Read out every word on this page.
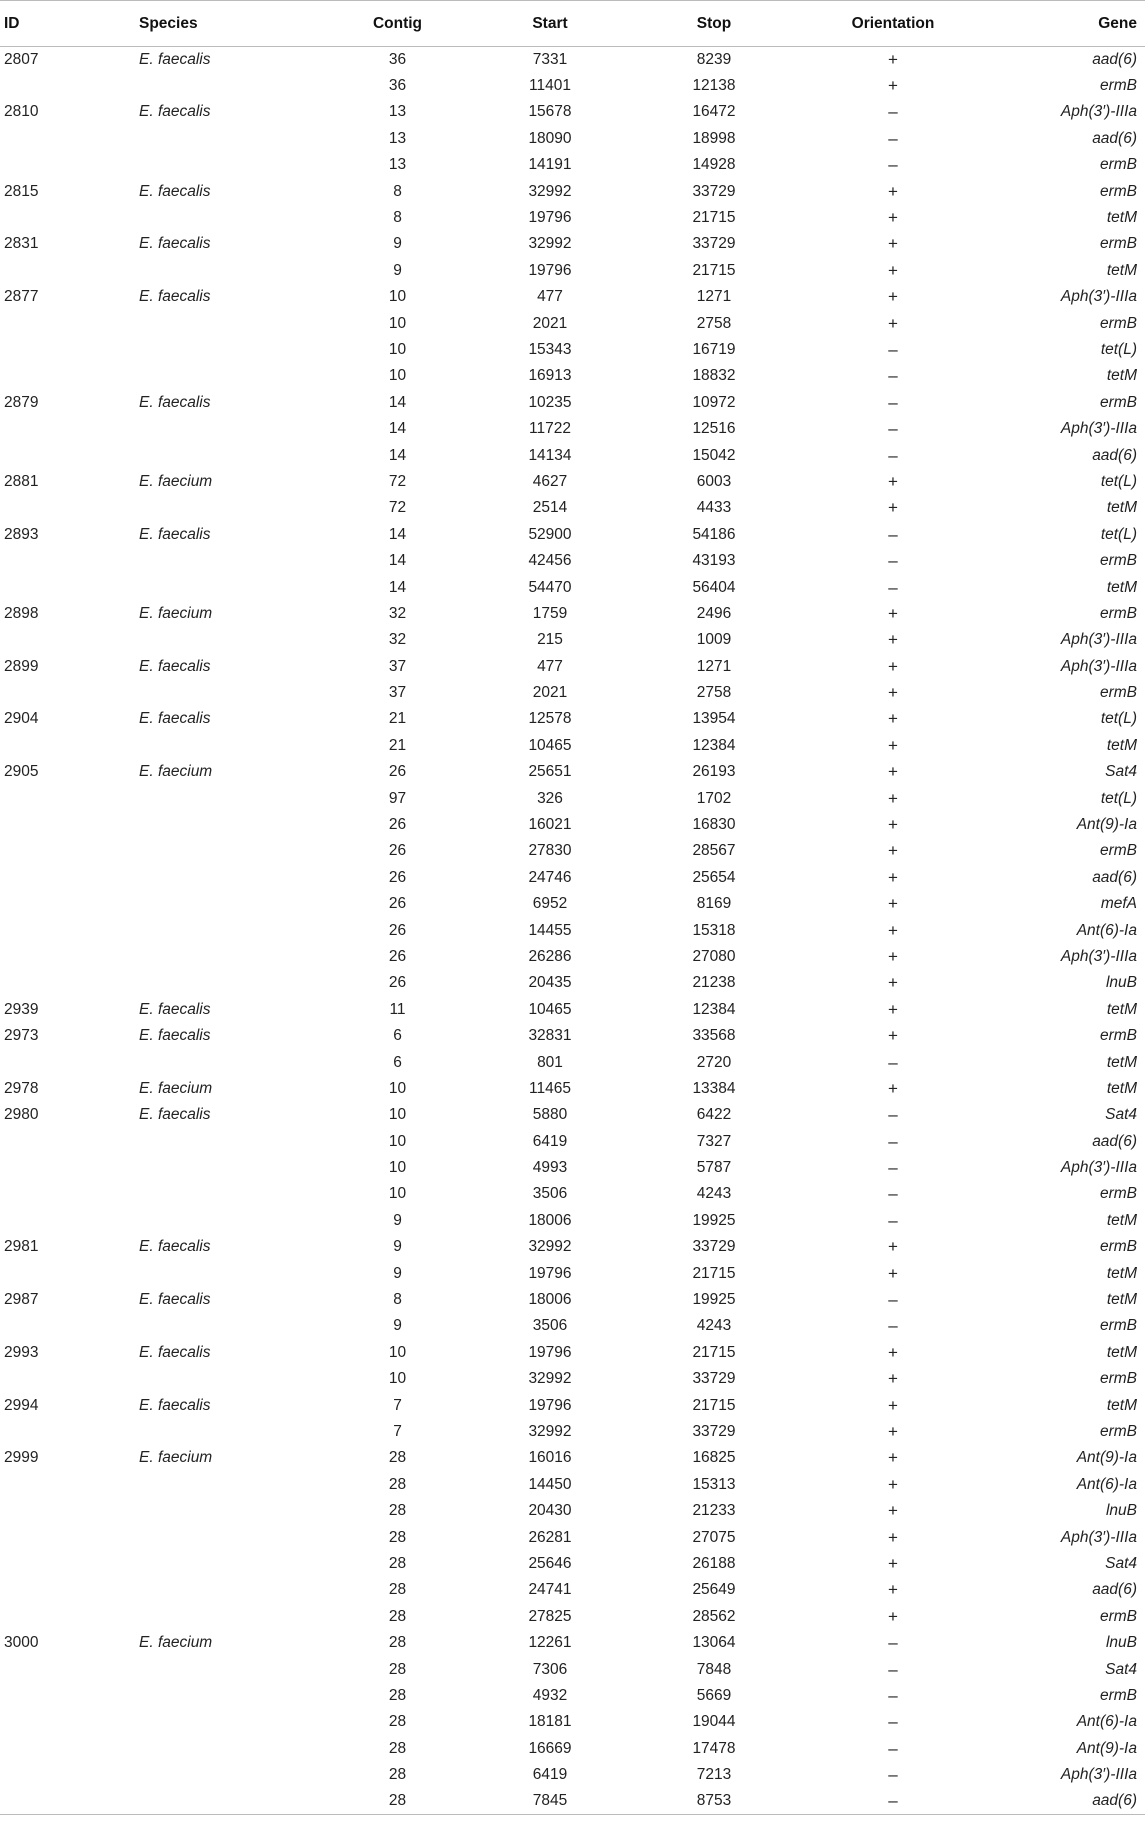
ID	Species	Contig	Start	Stop	Orientation	Gene
2807	E. faecalis	36	7331	8239	+	aad(6)
		36	11401	12138	+	ermB
2810	E. faecalis	13	15678	16472	–	Aph(3′)-IIIa
		13	18090	18998	–	aad(6)
		13	14191	14928	–	ermB
2815	E. faecalis	8	32992	33729	+	ermB
		8	19796	21715	+	tetM
2831	E. faecalis	9	32992	33729	+	ermB
		9	19796	21715	+	tetM
2877	E. faecalis	10	477	1271	+	Aph(3′)-IIIa
		10	2021	2758	+	ermB
		10	15343	16719	–	tet(L)
		10	16913	18832	–	tetM
2879	E. faecalis	14	10235	10972	–	ermB
		14	11722	12516	–	Aph(3′)-IIIa
		14	14134	15042	–	aad(6)
2881	E. faecium	72	4627	6003	+	tet(L)
		72	2514	4433	+	tetM
2893	E. faecalis	14	52900	54186	–	tet(L)
		14	42456	43193	–	ermB
		14	54470	56404	–	tetM
2898	E. faecium	32	1759	2496	+	ermB
		32	215	1009	+	Aph(3′)-IIIa
2899	E. faecalis	37	477	1271	+	Aph(3′)-IIIa
		37	2021	2758	+	ermB
2904	E. faecalis	21	12578	13954	+	tet(L)
		21	10465	12384	+	tetM
2905	E. faecium	26	25651	26193	+	Sat4
		97	326	1702	+	tet(L)
		26	16021	16830	+	Ant(9)-Ia
		26	27830	28567	+	ermB
		26	24746	25654	+	aad(6)
		26	6952	8169	+	mefA
		26	14455	15318	+	Ant(6)-Ia
		26	26286	27080	+	Aph(3′)-IIIa
		26	20435	21238	+	lnuB
2939	E. faecalis	11	10465	12384	+	tetM
2973	E. faecalis	6	32831	33568	+	ermB
		6	801	2720	–	tetM
2978	E. faecium	10	11465	13384	+	tetM
2980	E. faecalis	10	5880	6422	–	Sat4
		10	6419	7327	–	aad(6)
		10	4993	5787	–	Aph(3′)-IIIa
		10	3506	4243	–	ermB
		9	18006	19925	–	tetM
2981	E. faecalis	9	32992	33729	+	ermB
		9	19796	21715	+	tetM
2987	E. faecalis	8	18006	19925	–	tetM
		9	3506	4243	–	ermB
2993	E. faecalis	10	19796	21715	+	tetM
		10	32992	33729	+	ermB
2994	E. faecalis	7	19796	21715	+	tetM
		7	32992	33729	+	ermB
2999	E. faecium	28	16016	16825	+	Ant(9)-Ia
		28	14450	15313	+	Ant(6)-Ia
		28	20430	21233	+	lnuB
		28	26281	27075	+	Aph(3′)-IIIa
		28	25646	26188	+	Sat4
		28	24741	25649	+	aad(6)
		28	27825	28562	+	ermB
3000	E. faecium	28	12261	13064	–	lnuB
		28	7306	7848	–	Sat4
		28	4932	5669	–	ermB
		28	18181	19044	–	Ant(6)-Ia
		28	16669	17478	–	Ant(9)-Ia
		28	6419	7213	–	Aph(3′)-IIIa
		28	7845	8753	–	aad(6)
